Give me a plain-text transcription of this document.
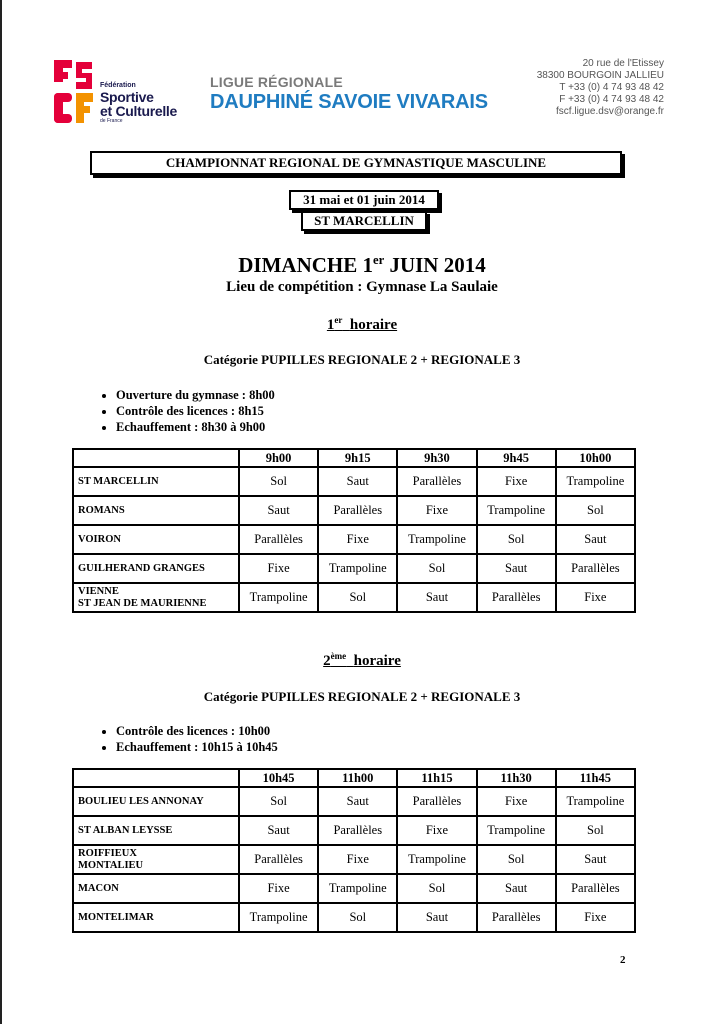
Fédération
Sportive
et Culturelle
de France
LIGUE RÉGIONALE
DAUPHINÉ SAVOIE VIVARAIS
20 rue de l'Etissey
38300 BOURGOIN JALLIEU
T +33 (0) 4 74 93 48 42
F +33 (0) 4 74 93 48 42
fscf.ligue.dsv@orange.fr
CHAMPIONNAT REGIONAL DE GYMNASTIQUE MASCULINE
31 mai et 01 juin 2014
ST MARCELLIN
DIMANCHE 1er JUIN 2014
Lieu de compétition : Gymnase La Saulaie
1er horaire
Catégorie PUPILLES REGIONALE 2 + REGIONALE 3
• Ouverture du gymnase : 8h00
• Contrôle des licences : 8h15
• Echauffement : 8h30 à 9h00
	9h00	9h15	9h30	9h45	10h00

ST MARCELLIN	Sol	Saut	Parallèles	Fixe	Trampoline

ROMANS	Saut	Parallèles	Fixe	Trampoline	Sol

VOIRON	Parallèles	Fixe	Trampoline	Sol	Saut

GUILHERAND GRANGES	Fixe	Trampoline	Sol	Saut	Parallèles

VIENNE
ST JEAN DE MAURIENNE	Trampoline	Sol	Saut	Parallèles	Fixe
2ème horaire
Catégorie PUPILLES REGIONALE 2 + REGIONALE 3
• Contrôle des licences : 10h00
• Echauffement : 10h15 à 10h45
	10h45	11h00	11h15	11h30	11h45

BOULIEU LES ANNONAY	Sol	Saut	Parallèles	Fixe	Trampoline

ST ALBAN LEYSSE	Saut	Parallèles	Fixe	Trampoline	Sol

ROIFFIEUX
MONTALIEU	Parallèles	Fixe	Trampoline	Sol	Saut

MACON	Fixe	Trampoline	Sol	Saut	Parallèles

MONTELIMAR	Trampoline	Sol	Saut	Parallèles	Fixe
2
